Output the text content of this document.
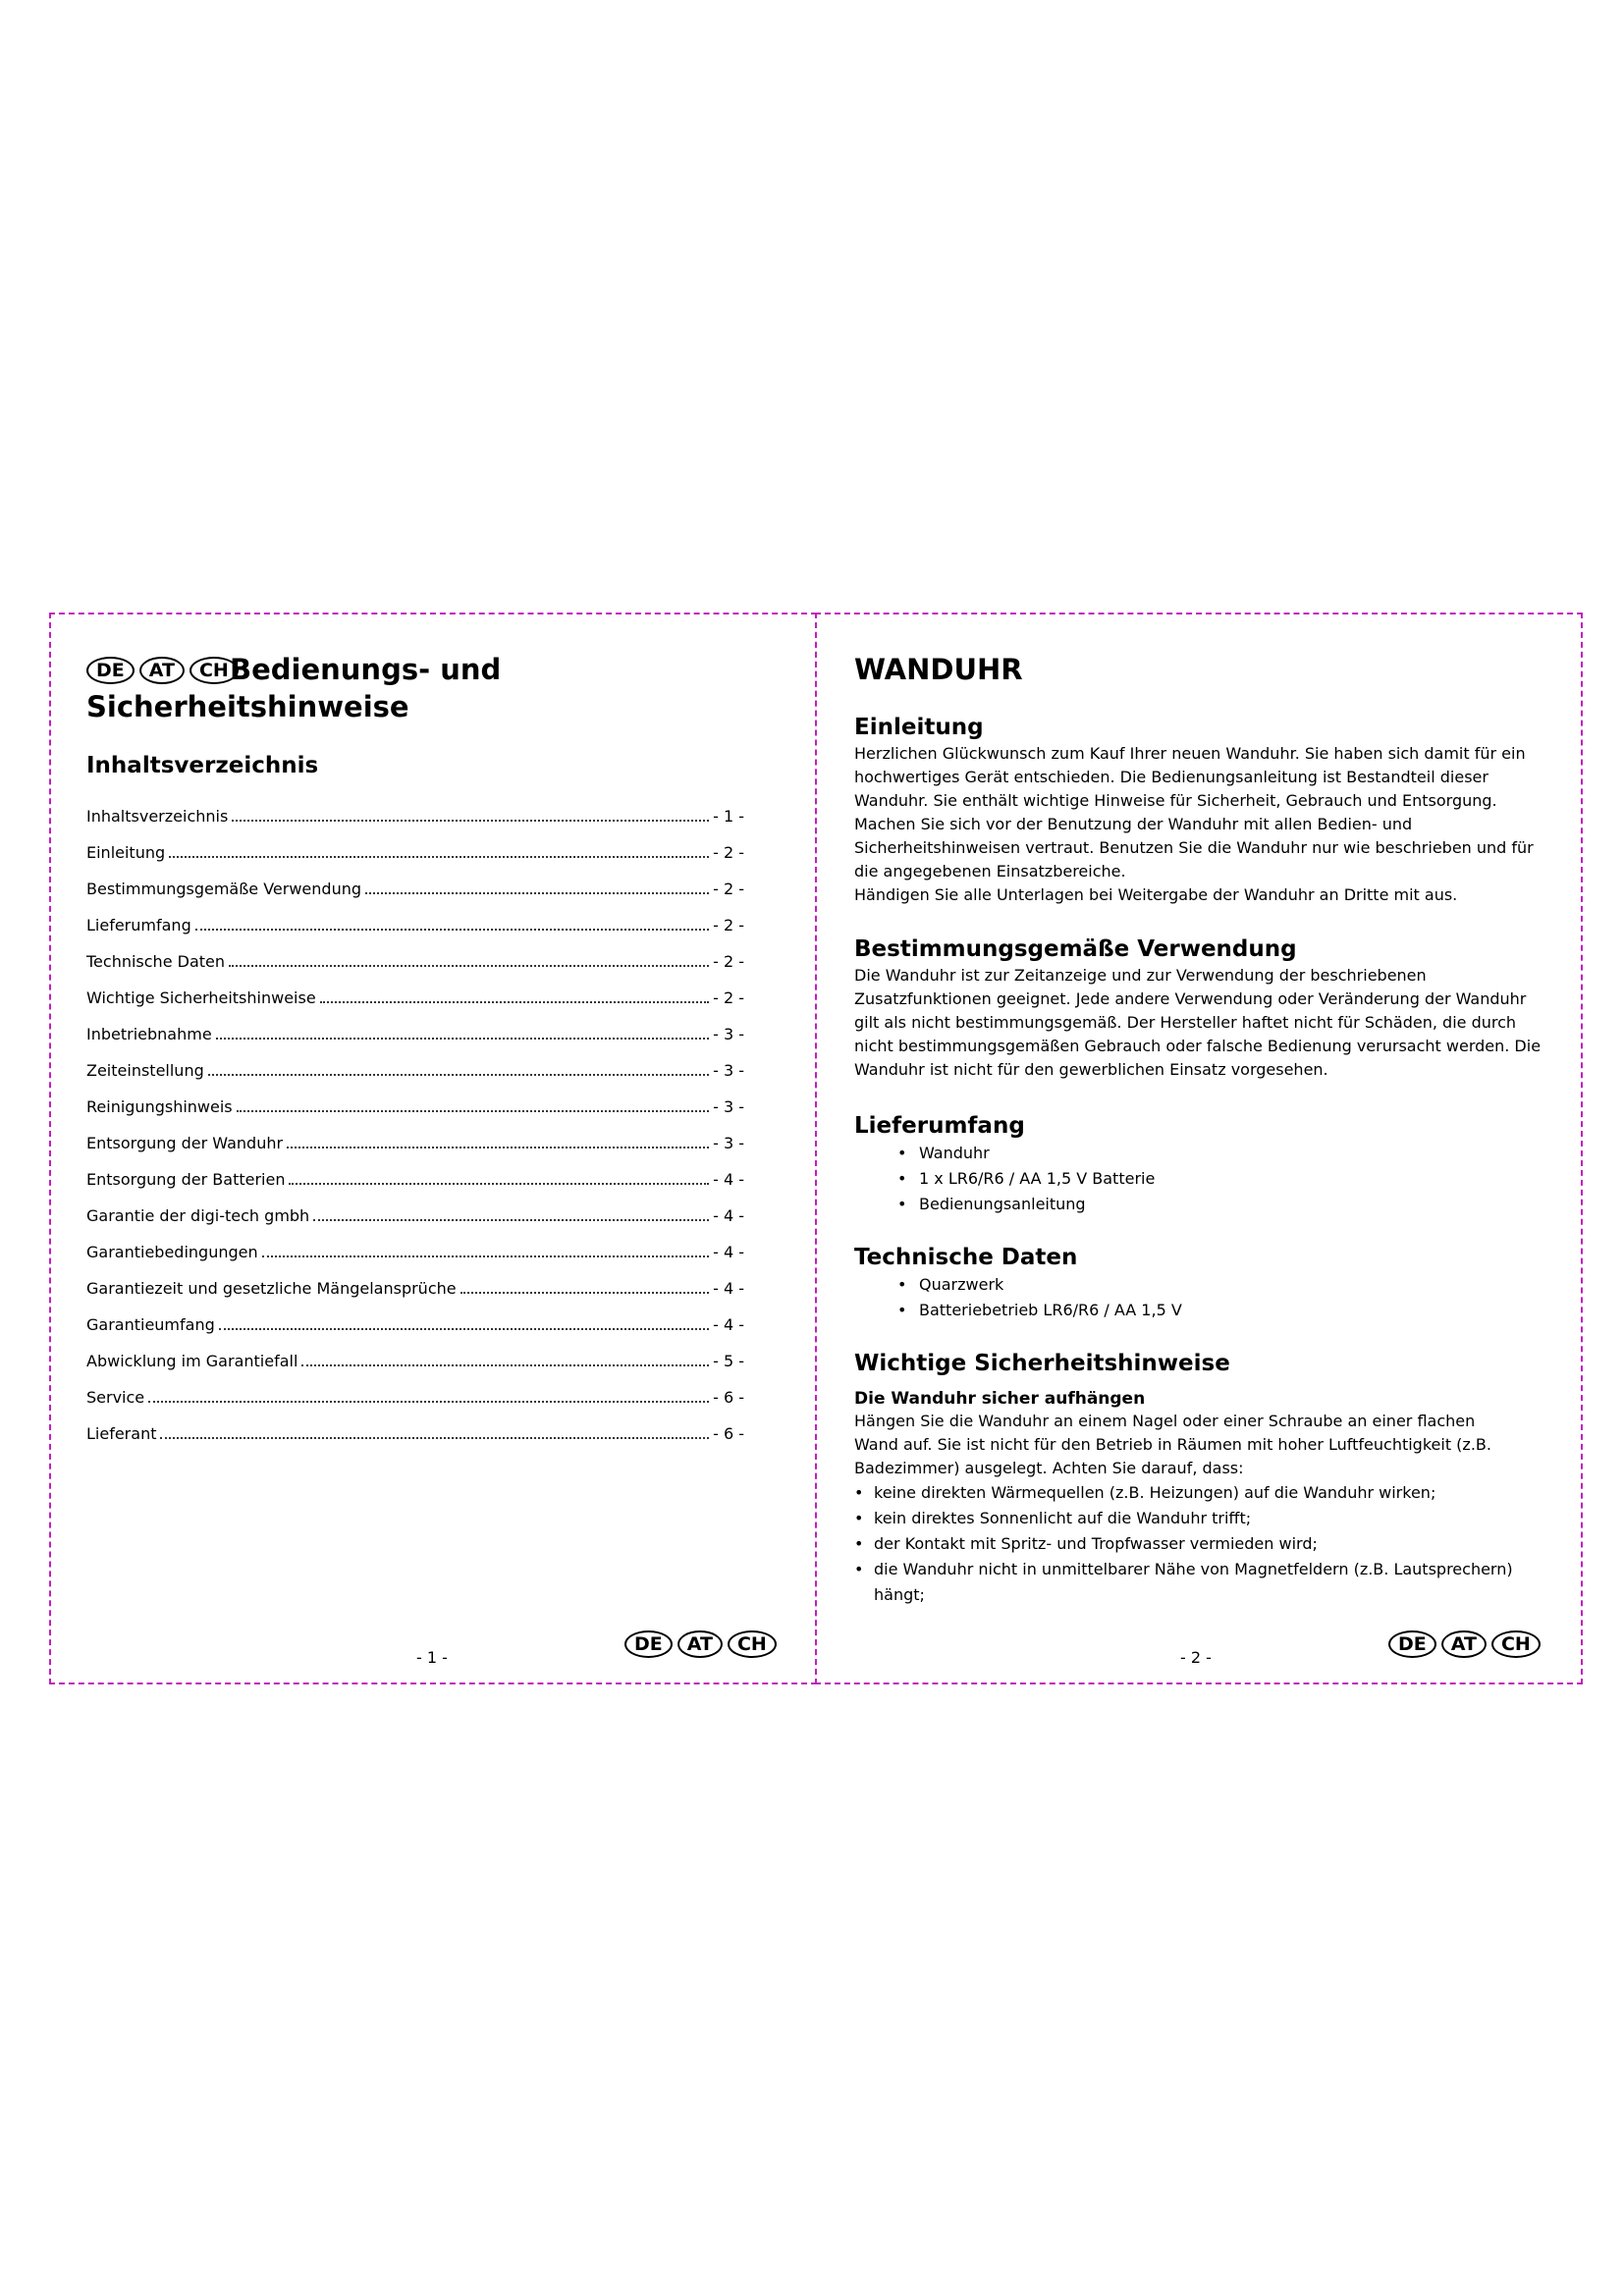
DE AT CH Bedienungs- und
Sicherheitshinweise
Inhaltsverzeichnis
Inhaltsverzeichnis	- 1 -
Einleitung	- 2 -
Bestimmungsgemäße Verwendung	- 2 -
Lieferumfang	- 2 -
Technische Daten	- 2 -
Wichtige Sicherheitshinweise	- 2 -
Inbetriebnahme	- 3 -
Zeiteinstellung	- 3 -
Reinigungshinweis	- 3 -
Entsorgung der Wanduhr	- 3 -
Entsorgung der Batterien	- 4 -
Garantie der digi-tech gmbh	- 4 -
Garantiebedingungen	- 4 -
Garantiezeit und gesetzliche Mängelansprüche	- 4 -
Garantieumfang	- 4 -
Abwicklung im Garantiefall	- 5 -
Service	- 6 -
Lieferant	- 6 -
- 1 -
DE AT CH
WANDUHR
Einleitung
Herzlichen Glückwunsch zum Kauf Ihrer neuen Wanduhr. Sie haben sich damit für ein
hochwertiges Gerät entschieden. Die Bedienungsanleitung ist Bestandteil dieser
Wanduhr. Sie enthält wichtige Hinweise für Sicherheit, Gebrauch und Entsorgung.
Machen Sie sich vor der Benutzung der Wanduhr mit allen Bedien- und
Sicherheitshinweisen vertraut. Benutzen Sie die Wanduhr nur wie beschrieben und für
die angegebenen Einsatzbereiche.
Händigen Sie alle Unterlagen bei Weitergabe der Wanduhr an Dritte mit aus.
Bestimmungsgemäße Verwendung
Die Wanduhr ist zur Zeitanzeige und zur Verwendung der beschriebenen
Zusatzfunktionen geeignet. Jede andere Verwendung oder Veränderung der Wanduhr
gilt als nicht bestimmungsgemäß. Der Hersteller haftet nicht für Schäden, die durch
nicht bestimmungsgemäßen Gebrauch oder falsche Bedienung verursacht werden. Die
Wanduhr ist nicht für den gewerblichen Einsatz vorgesehen.
Lieferumfang
• Wanduhr
• 1 x LR6/R6 / AA 1,5 V Batterie
• Bedienungsanleitung
Technische Daten
• Quarzwerk
• Batteriebetrieb LR6/R6 / AA 1,5 V
Wichtige Sicherheitshinweise
Die Wanduhr sicher aufhängen
Hängen Sie die Wanduhr an einem Nagel oder einer Schraube an einer flachen
Wand auf. Sie ist nicht für den Betrieb in Räumen mit hoher Luftfeuchtigkeit (z.B.
Badezimmer) ausgelegt. Achten Sie darauf, dass:
• keine direkten Wärmequellen (z.B. Heizungen) auf die Wanduhr wirken;
• kein direktes Sonnenlicht auf die Wanduhr trifft;
• der Kontakt mit Spritz- und Tropfwasser vermieden wird;
• die Wanduhr nicht in unmittelbarer Nähe von Magnetfeldern (z.B. Lautsprechern) hängt;
- 2 -
DE AT CH
